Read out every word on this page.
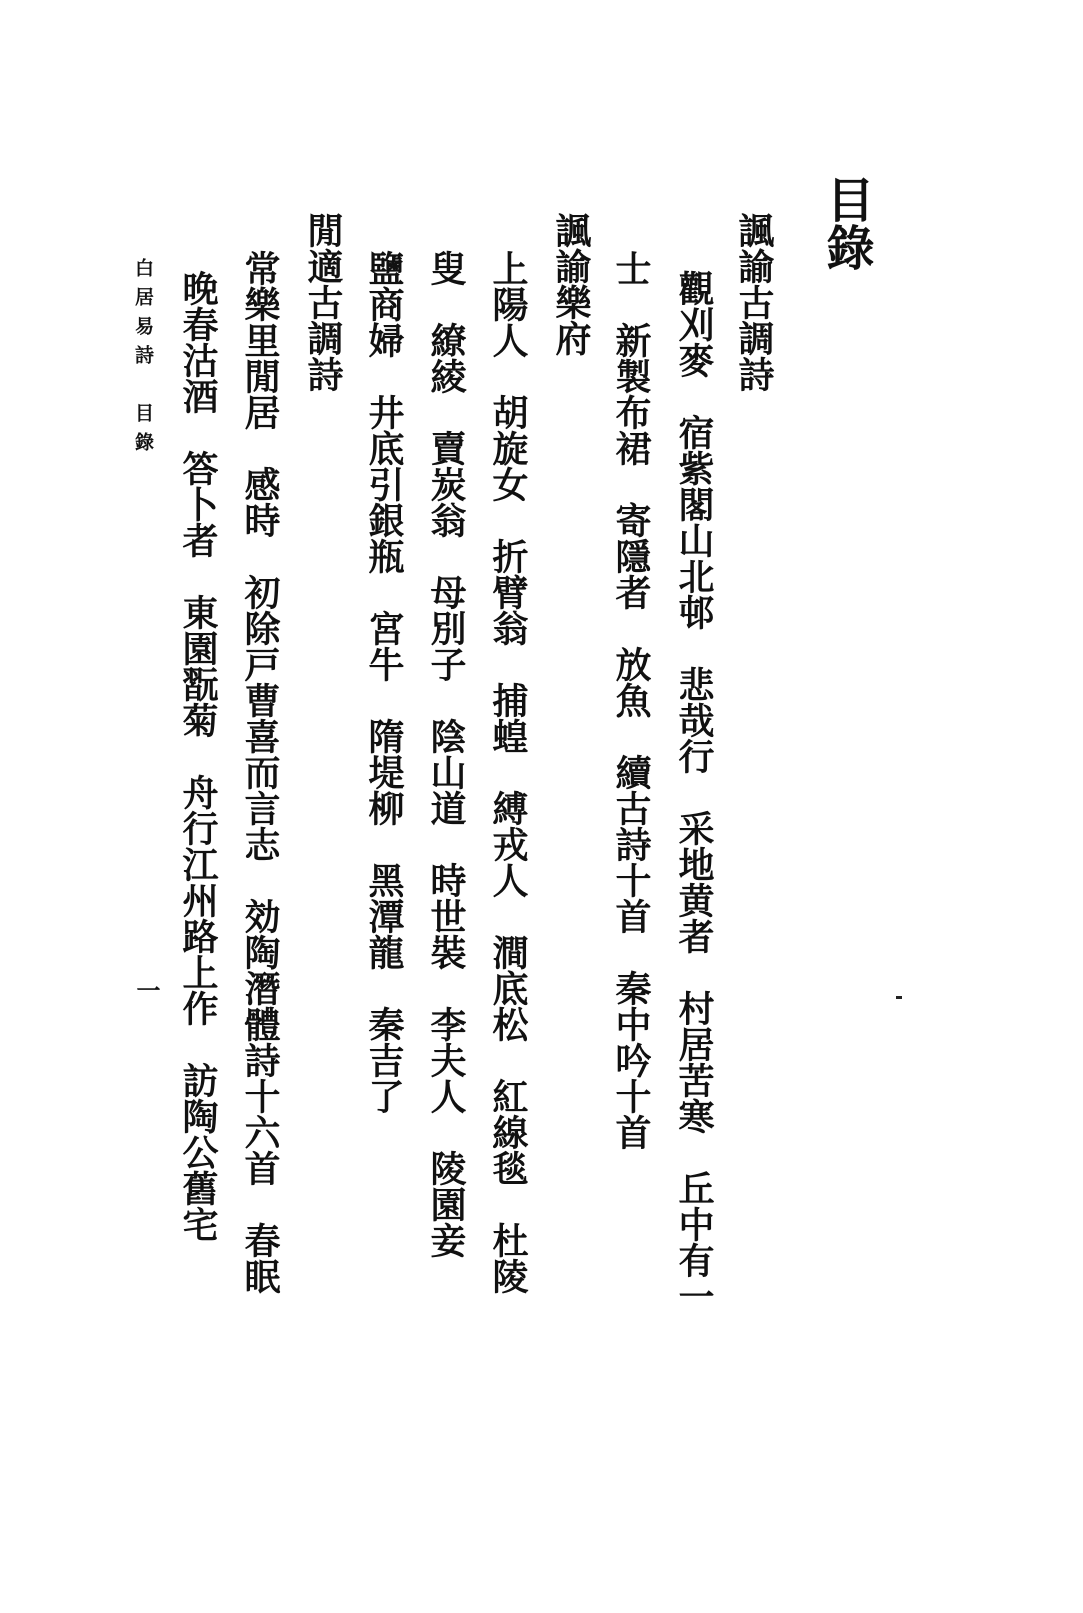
目錄
諷諭古調詩
觀刈麥　宿紫閣山北邨　悲哉行　采地黄者　村居苦寒　丘中有一
士　新製布裙　寄隱者　放魚　續古詩十首　秦中吟十首
諷諭樂府
上陽人　胡旋女　折臂翁　捕蝗　縛戎人　澗底松　紅線毯　杜陵
叟　繚綾　賣炭翁　母別子　陰山道　時世裝　李夫人　陵園妾
鹽商婦　井底引銀瓶　宮牛　隋堤柳　黑潭龍　秦吉了
閒適古調詩
常樂里閒居　感時　初除戸曹喜而言志　効陶潛體詩十六首　春眠
晚春沽酒　答卜者　東園翫菊　舟行江州路上作　訪陶公舊宅
白居易詩　目錄
一
